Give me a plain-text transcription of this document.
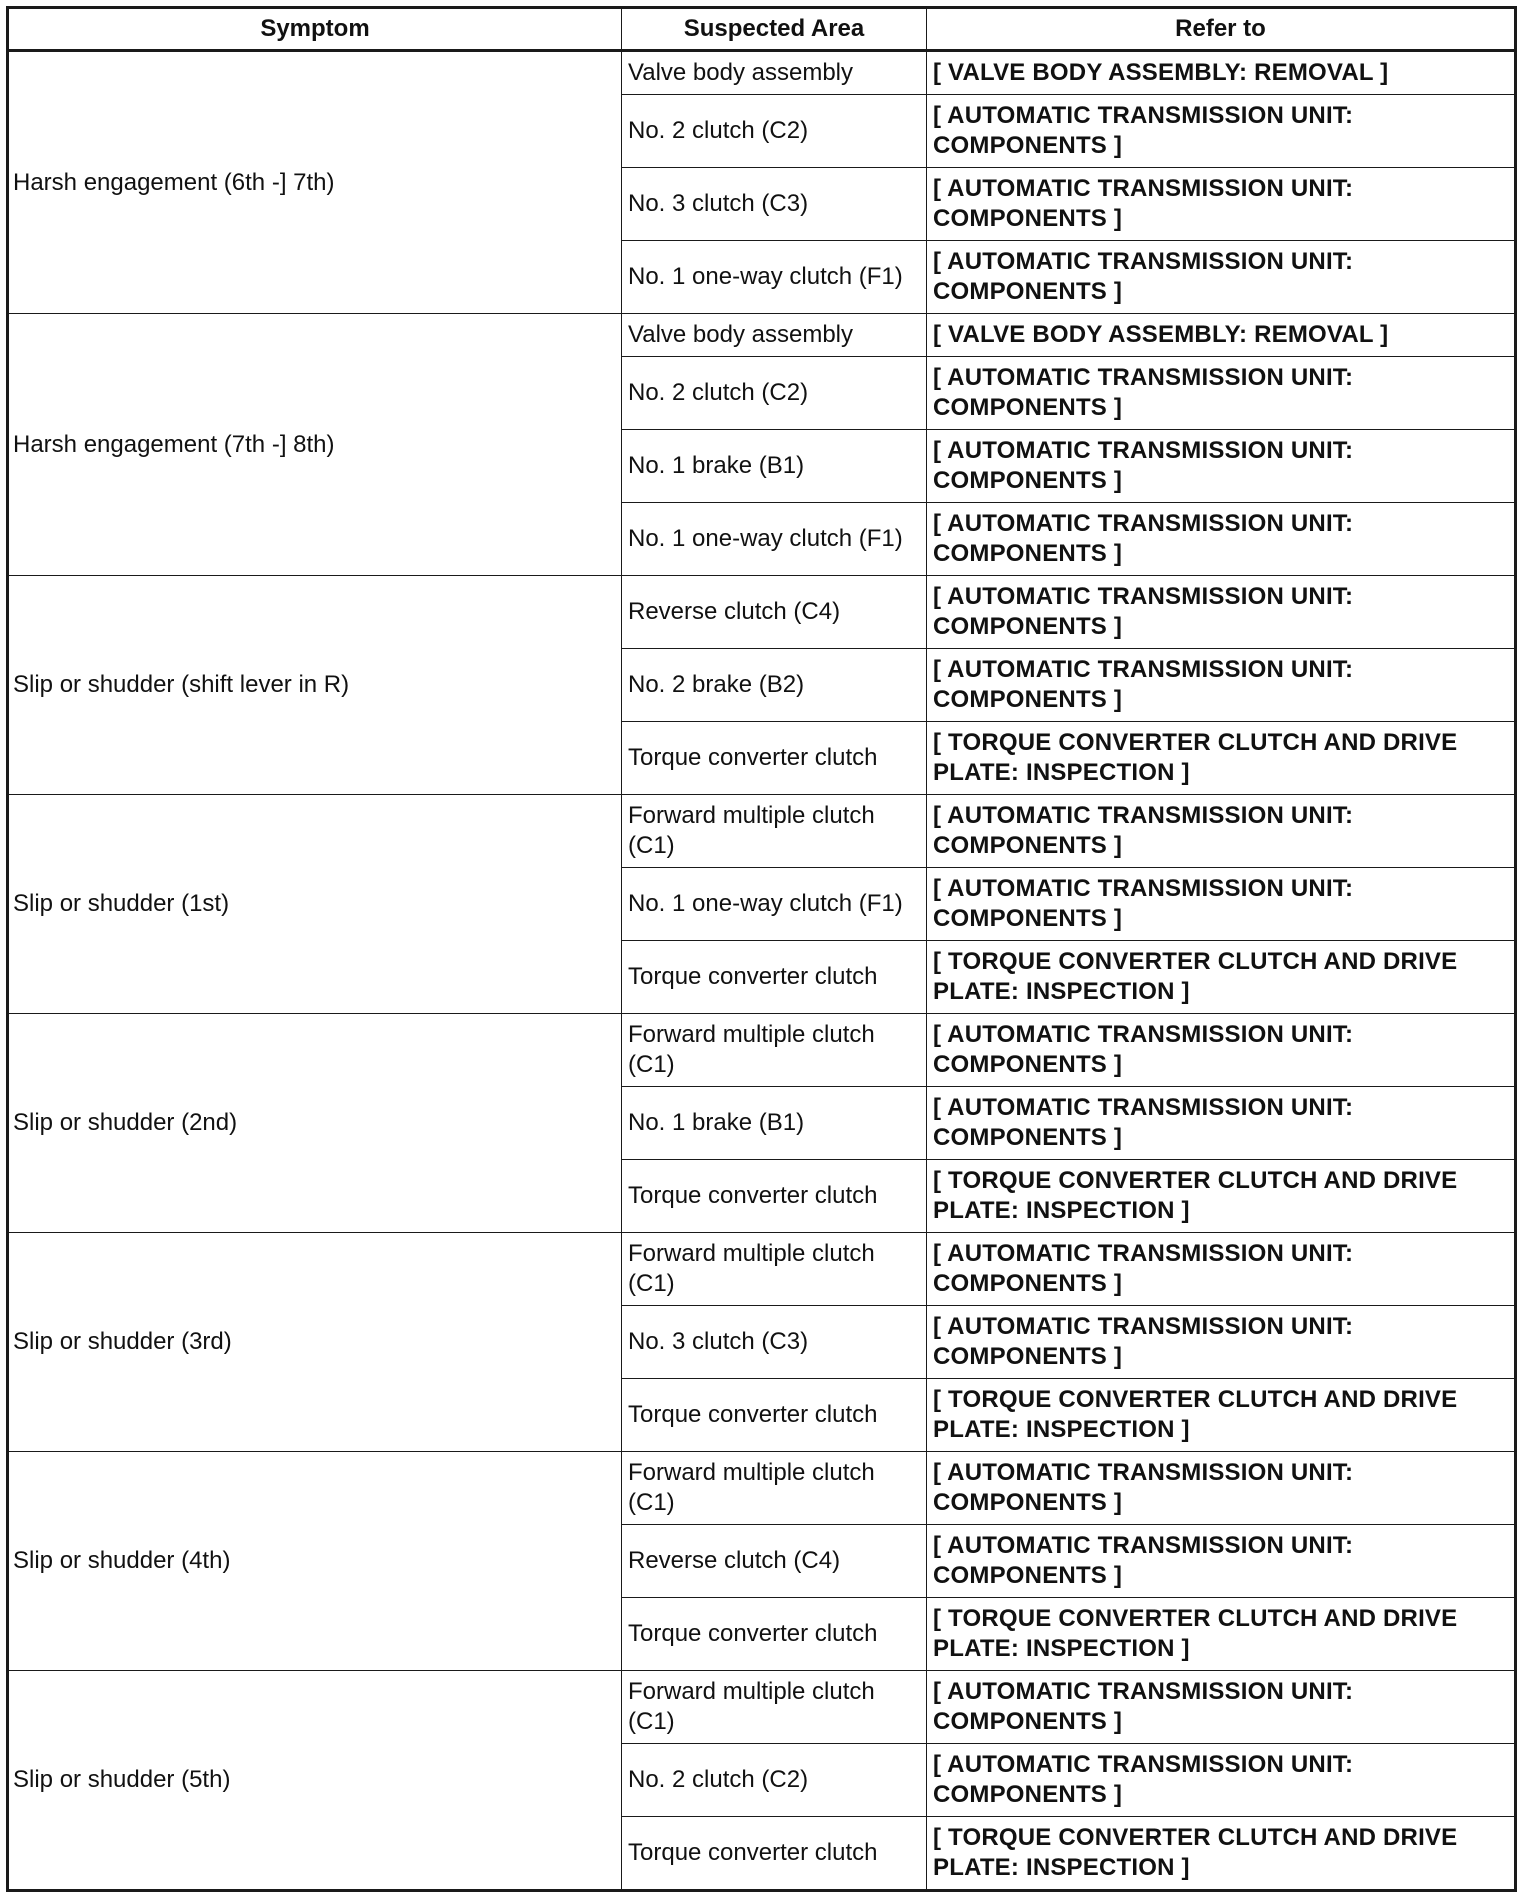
Symptom	Suspected Area	Refer to
Harsh engagement (6th -] 7th)	Valve body assembly	[ VALVE BODY ASSEMBLY: REMOVAL ]
	No. 2 clutch (C2)	[ AUTOMATIC TRANSMISSION UNIT: COMPONENTS ]
	No. 3 clutch (C3)	[ AUTOMATIC TRANSMISSION UNIT: COMPONENTS ]
	No. 1 one-way clutch (F1)	[ AUTOMATIC TRANSMISSION UNIT: COMPONENTS ]
Harsh engagement (7th -] 8th)	Valve body assembly	[ VALVE BODY ASSEMBLY: REMOVAL ]
	No. 2 clutch (C2)	[ AUTOMATIC TRANSMISSION UNIT: COMPONENTS ]
	No. 1 brake (B1)	[ AUTOMATIC TRANSMISSION UNIT: COMPONENTS ]
	No. 1 one-way clutch (F1)	[ AUTOMATIC TRANSMISSION UNIT: COMPONENTS ]
Slip or shudder (shift lever in R)	Reverse clutch (C4)	[ AUTOMATIC TRANSMISSION UNIT: COMPONENTS ]
	No. 2 brake (B2)	[ AUTOMATIC TRANSMISSION UNIT: COMPONENTS ]
	Torque converter clutch	[ TORQUE CONVERTER CLUTCH AND DRIVE PLATE: INSPECTION ]
Slip or shudder (1st)	Forward multiple clutch (C1)	[ AUTOMATIC TRANSMISSION UNIT: COMPONENTS ]
	No. 1 one-way clutch (F1)	[ AUTOMATIC TRANSMISSION UNIT: COMPONENTS ]
	Torque converter clutch	[ TORQUE CONVERTER CLUTCH AND DRIVE PLATE: INSPECTION ]
Slip or shudder (2nd)	Forward multiple clutch (C1)	[ AUTOMATIC TRANSMISSION UNIT: COMPONENTS ]
	No. 1 brake (B1)	[ AUTOMATIC TRANSMISSION UNIT: COMPONENTS ]
	Torque converter clutch	[ TORQUE CONVERTER CLUTCH AND DRIVE PLATE: INSPECTION ]
Slip or shudder (3rd)	Forward multiple clutch (C1)	[ AUTOMATIC TRANSMISSION UNIT: COMPONENTS ]
	No. 3 clutch (C3)	[ AUTOMATIC TRANSMISSION UNIT: COMPONENTS ]
	Torque converter clutch	[ TORQUE CONVERTER CLUTCH AND DRIVE PLATE: INSPECTION ]
Slip or shudder (4th)	Forward multiple clutch (C1)	[ AUTOMATIC TRANSMISSION UNIT: COMPONENTS ]
	Reverse clutch (C4)	[ AUTOMATIC TRANSMISSION UNIT: COMPONENTS ]
	Torque converter clutch	[ TORQUE CONVERTER CLUTCH AND DRIVE PLATE: INSPECTION ]
Slip or shudder (5th)	Forward multiple clutch (C1)	[ AUTOMATIC TRANSMISSION UNIT: COMPONENTS ]
	No. 2 clutch (C2)	[ AUTOMATIC TRANSMISSION UNIT: COMPONENTS ]
	Torque converter clutch	[ TORQUE CONVERTER CLUTCH AND DRIVE PLATE: INSPECTION ]
